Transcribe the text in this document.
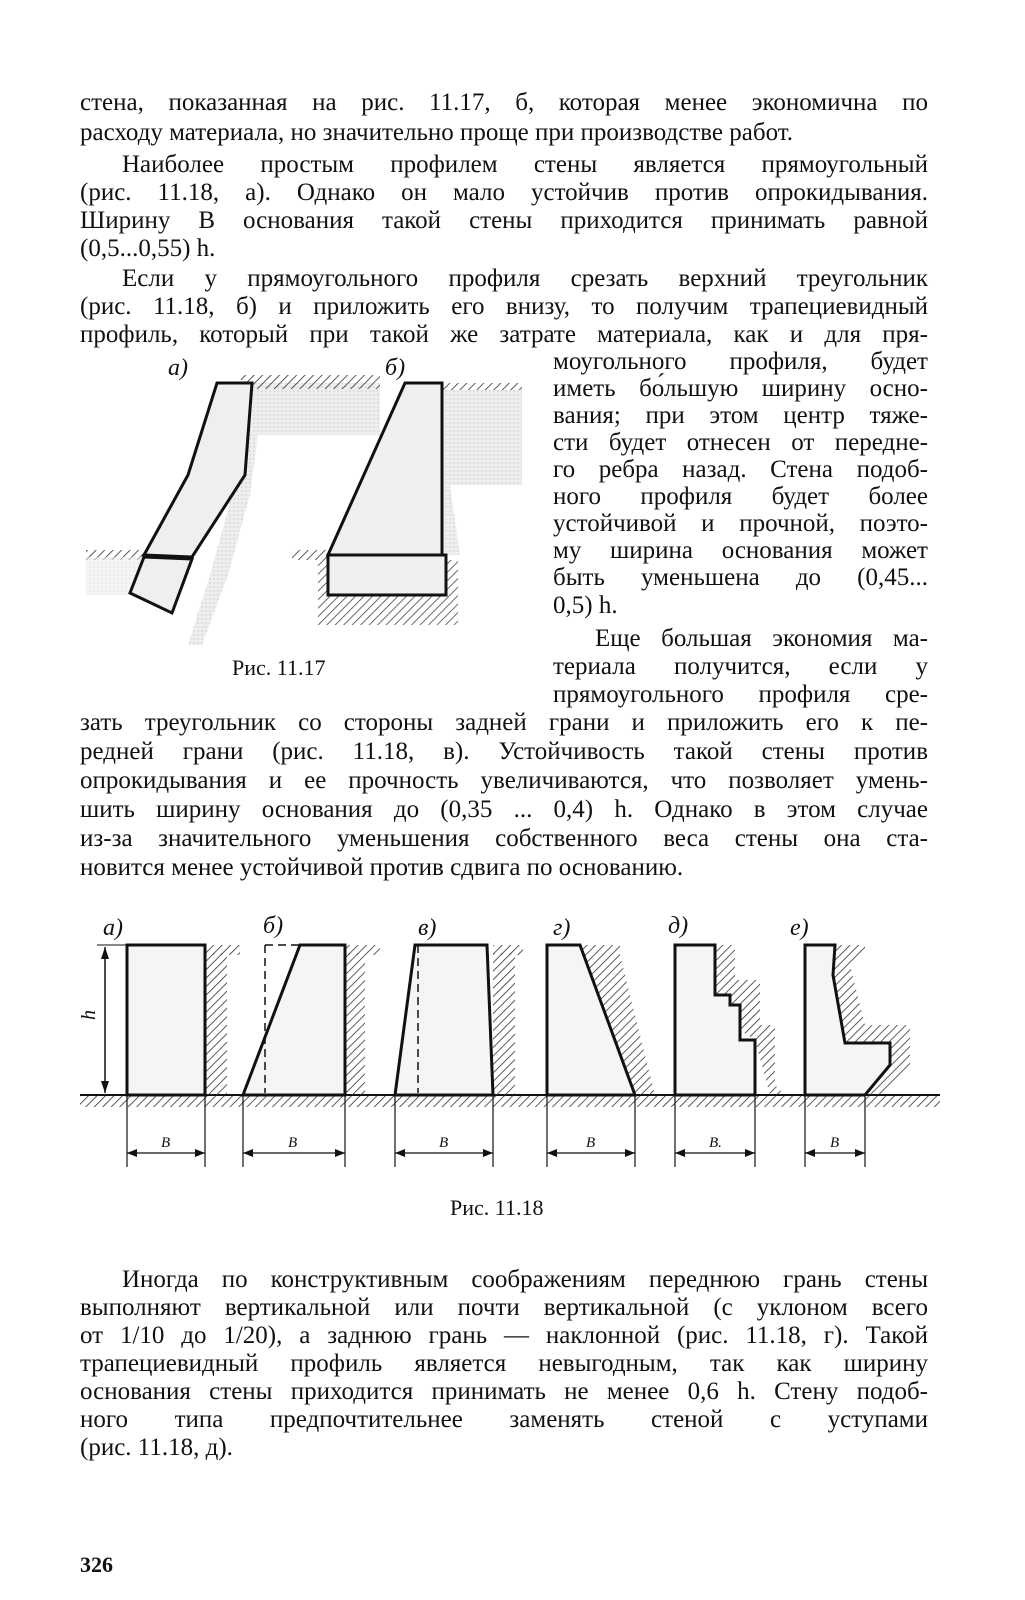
стена, показанная на рис. 11.17, б, которая менее экономична по
расходу материала, но значительно проще при производстве работ.
Наиболее простым профилем стены является прямоугольный
(рис. 11.18, а). Однако он мало устойчив против опрокидывания.
Ширину В основания такой стены приходится принимать равной
(0,5...0,55) h.
Если у прямоугольного профиля срезать верхний треугольник
(рис. 11.18, б) и приложить его внизу, то получим трапециевидный
профиль, который при такой же затрате материала, как и для пря-
моугольного профиля, будет
иметь бо́льшую ширину осно-
вания; при этом центр тяже-
сти будет отнесен от передне-
го ребра назад. Стена подоб-
ного профиля будет более
устойчивой и прочной, поэто-
му ширина основания может
быть уменьшена до (0,45...
0,5) h.
Еще большая экономия ма-
териала получится, если у
прямоугольного профиля сре-
а)	б)
Рис. 11.17
зать треугольник со стороны задней грани и приложить его к пе-
редней грани (рис. 11.18, в). Устойчивость такой стены против
опрокидывания и ее прочность увеличиваются, что позволяет умень-
шить ширину основания до (0,35 ... 0,4) h. Однако в этом случае
из-за значительного уменьшения собственного веса стены она ста-
новится менее устойчивой против сдвига по основанию.
а)	б)	в)	г)	д)	е)
h
В	В	В	В	В.	В
Рис. 11.18
Иногда по конструктивным соображениям переднюю грань стены
выполняют вертикальной или почти вертикальной (с уклоном всего
от 1/10 до 1/20), а заднюю грань — наклонной (рис. 11.18, г). Такой
трапециевидный профиль является невыгодным, так как ширину
основания стены приходится принимать не менее 0,6 h. Стену подоб-
ного типа предпочтительнее заменять стеной с уступами
(рис. 11.18, д).
326
